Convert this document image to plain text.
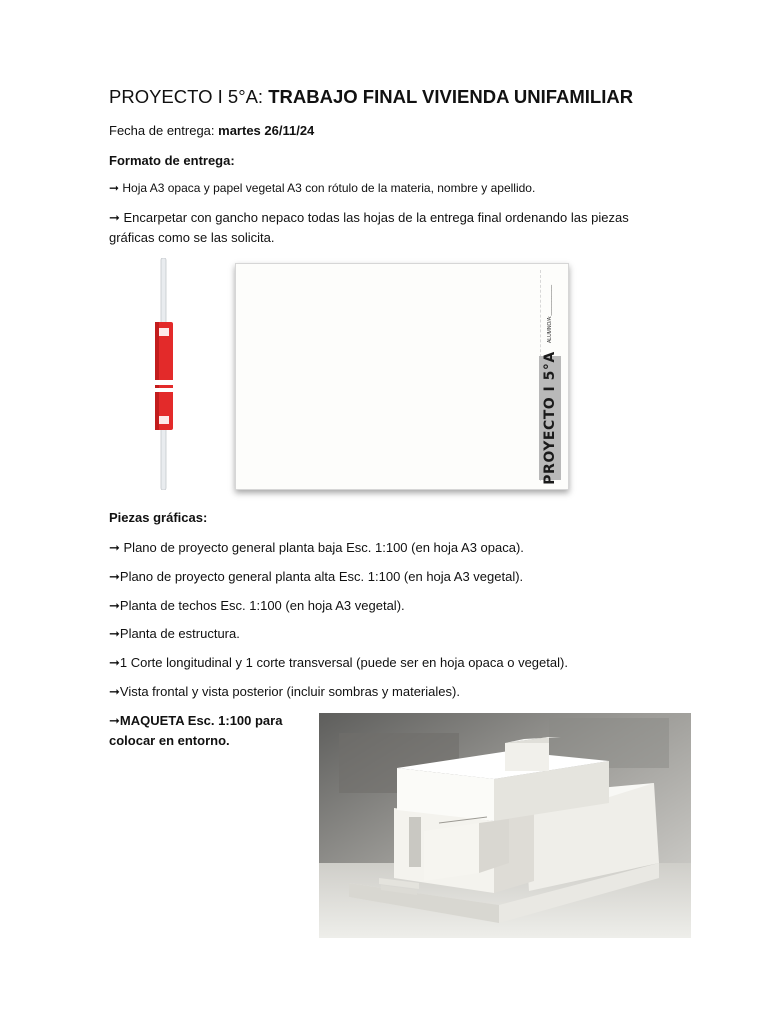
PROYECTO I 5°A: TRABAJO FINAL VIVIENDA UNIFAMILIAR
Fecha de entrega: martes 26/11/24
Formato de entrega:
➞ Hoja A3 opaca y papel vegetal A3 con rótulo de la materia, nombre y apellido.
➞ Encarpetar con gancho nepaco todas las hojas de la entrega final ordenando las piezas gráficas como se las solicita.
ALUMNO/A:___________
PROYECTO I 5°A
Piezas gráficas:
➞ Plano de proyecto general planta baja Esc. 1:100 (en hoja A3 opaca).
➞Plano de proyecto general planta alta Esc. 1:100 (en hoja A3 vegetal).
➞Planta de techos Esc. 1:100 (en hoja A3 vegetal).
➞Planta de estructura.
➞1 Corte longitudinal y 1 corte transversal (puede ser en hoja opaca o vegetal).
➞Vista frontal y vista posterior (incluir sombras y materiales).
➞MAQUETA Esc. 1:100 para
colocar en entorno.
